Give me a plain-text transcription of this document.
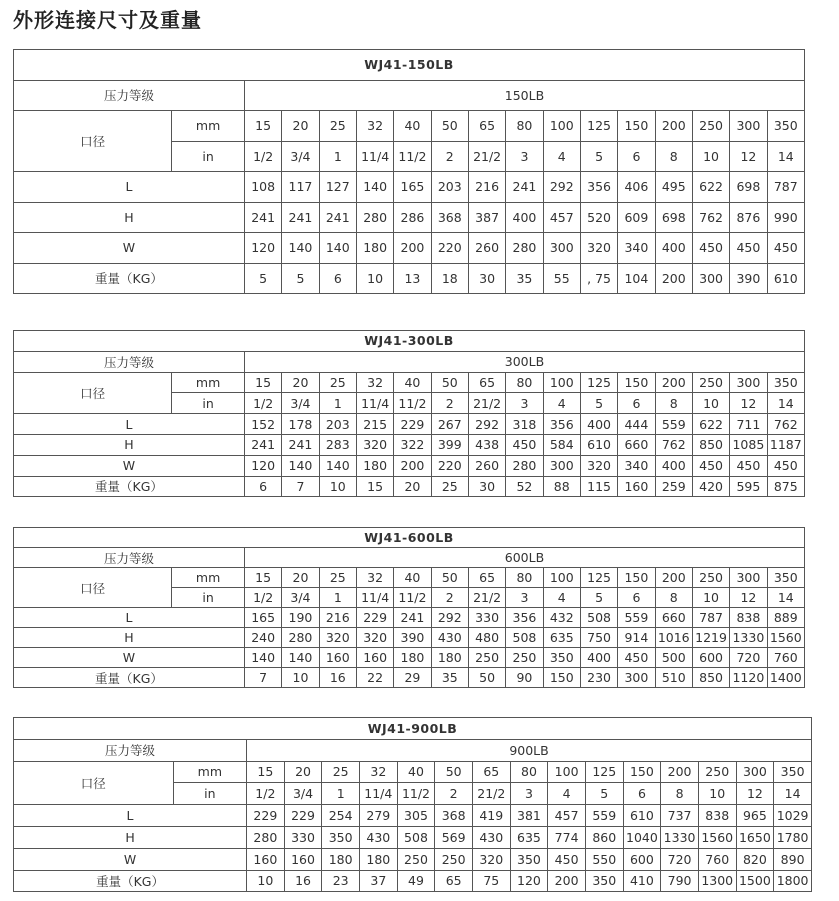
外形连接尺寸及重量
WJ41-150LB																
压力等级		150LB														
口径	mm	15	20	25	32	40	50	65	80	100	125	150	200	250	300	350
	in	1/2	3/4	1	11/4	11/2	2	21/2	3	4	5	6	8	10	12	14
L		108	117	127	140	165	203	216	241	292	356	406	495	622	698	787
H		241	241	241	280	286	368	387	400	457	520	609	698	762	876	990
W		120	140	140	180	200	220	260	280	300	320	340	400	450	450	450
重量（KG）		5	5	6	10	13	18	30	35	55	, 75	104	200	300	390	610
WJ41-300LB																
压力等级		300LB														
口径	mm	15	20	25	32	40	50	65	80	100	125	150	200	250	300	350
	in	1/2	3/4	1	11/4	11/2	2	21/2	3	4	5	6	8	10	12	14
L		152	178	203	215	229	267	292	318	356	400	444	559	622	711	762
H		241	241	283	320	322	399	438	450	584	610	660	762	850	1085	1187
W		120	140	140	180	200	220	260	280	300	320	340	400	450	450	450
重量（KG）		6	7	10	15	20	25	30	52	88	115	160	259	420	595	875
WJ41-600LB																
压力等级		600LB														
口径	mm	15	20	25	32	40	50	65	80	100	125	150	200	250	300	350
	in	1/2	3/4	1	11/4	11/2	2	21/2	3	4	5	6	8	10	12	14
L		165	190	216	229	241	292	330	356	432	508	559	660	787	838	889
H		240	280	320	320	390	430	480	508	635	750	914	1016	1219	1330	1560
W		140	140	160	160	180	180	250	250	350	400	450	500	600	720	760
重量（KG）		7	10	16	22	29	35	50	90	150	230	300	510	850	1120	1400
WJ41-900LB																
压力等级		900LB														
口径	mm	15	20	25	32	40	50	65	80	100	125	150	200	250	300	350
	in	1/2	3/4	1	11/4	11/2	2	21/2	3	4	5	6	8	10	12	14
L		229	229	254	279	305	368	419	381	457	559	610	737	838	965	1029
H		280	330	350	430	508	569	430	635	774	860	1040	1330	1560	1650	1780
W		160	160	180	180	250	250	320	350	450	550	600	720	760	820	890
重量（KG）		10	16	23	37	49	65	75	120	200	350	410	790	1300	1500	1800
